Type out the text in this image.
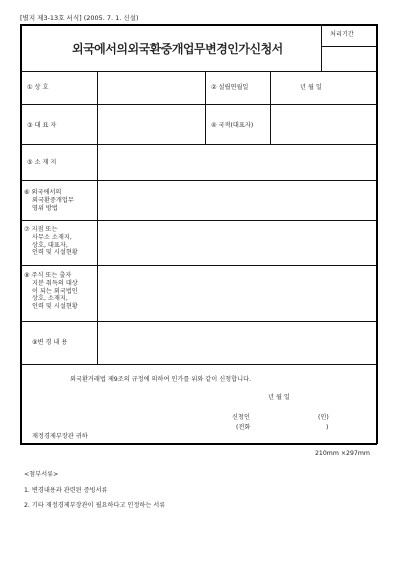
[별지 제3-13호 서식] (2005. 7. 1. 신설)
외국에서의외국환중개업무변경인가신청서
처리기간
① 상 호	② 설립연월일	년 월 일
③ 대 표 자	④ 국적(대표자)
⑤ 소 재 지
⑥ 외국에서의
외국환중개업무
영위 방법
⑦ 지점 또는
사무소 소재지,
상호, 대표자,
인력 및 시설현황
⑧ 주식 또는 출자
지분 취득의 대상
이 되는 외국법인
상호, 소재지,
인력 및 시설현황
⑨변 경 내 용
외국환거래법 제9조의 규정에 의하여 인가를 위와 같이 신청합니다.
년 월 일
신청인	(인)
(전화	)
재정경제부장관 귀하
210mm ×297mm
<첨부서류>
1. 변경내용과 관련된 증빙서류
2. 기타 재정경제부장관이 필요하다고 인정하는 서류
